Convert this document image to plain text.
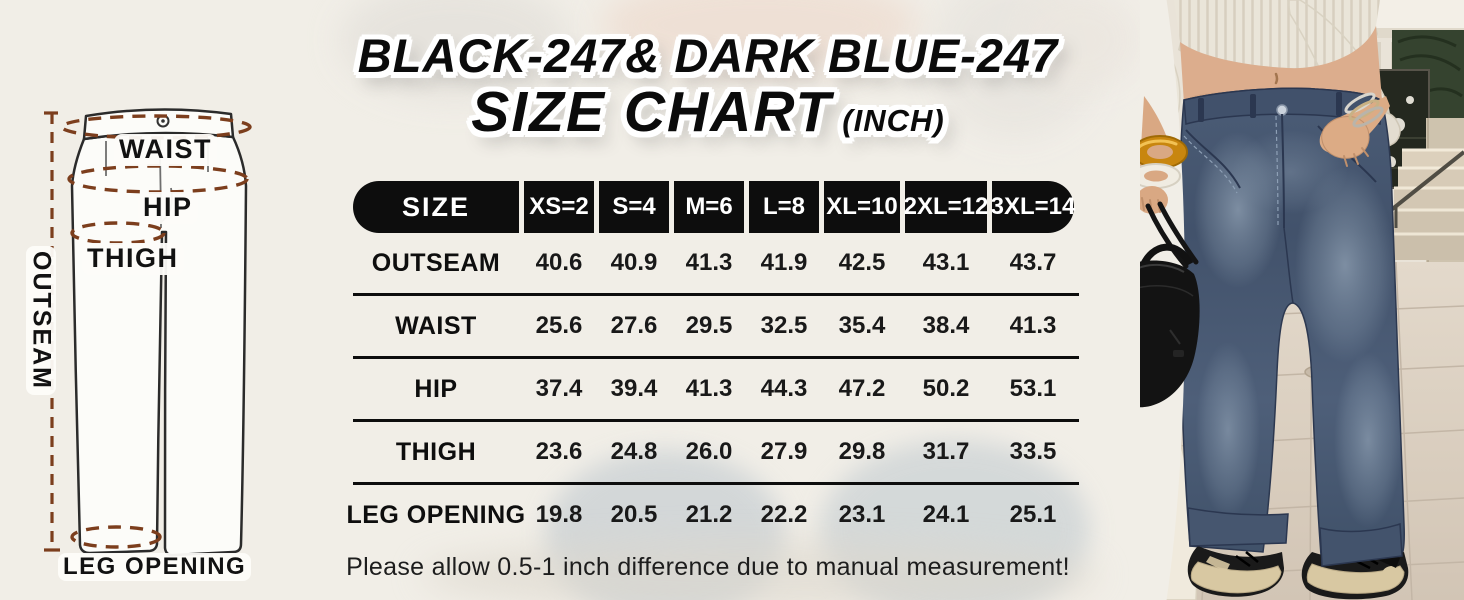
WAIST
HIP
THIGH
OUTSEAM
LEG OPENING
BLACK-247& DARK BLUE-247
SIZE CHART (INCH)
SIZE	XS=2 S=4	M=6	L=8 XL=10 2XL=12 3XL=14
OUTSEAM	40.6	40.9	41.3	41.9	42.5	43.1	43.7
WAIST	25.6	27.6	29.5	32.5	35.4	38.4	41.3
HIP	37.4	39.4	41.3	44.3	47.2	50.2	53.1
THIGH	23.6	24.8	26.0	27.9	29.8	31.7	33.5
LEG OPENING 19.8	20.5	21.2	22.2	23.1	24.1	25.1
Please allow 0.5-1 inch difference due to manual measurement!
